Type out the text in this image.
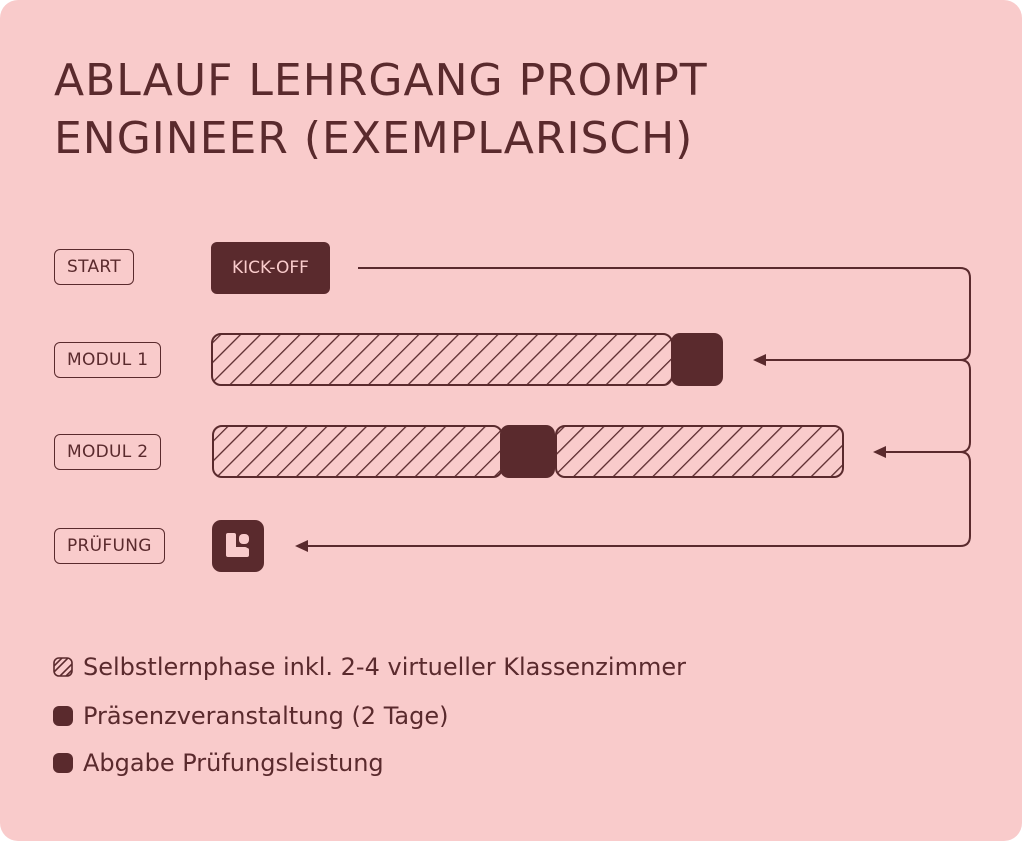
ABLAUF LEHRGANG PROMPT
ENGINEER (EXEMPLARISCH)
START
MODUL 1
MODUL 2
PRÜFUNG
KICK-OFF
Selbstlernphase inkl. 2-4 virtueller Klassenzimmer
Präsenzveranstaltung (2 Tage)
Abgabe Prüfungsleistung
